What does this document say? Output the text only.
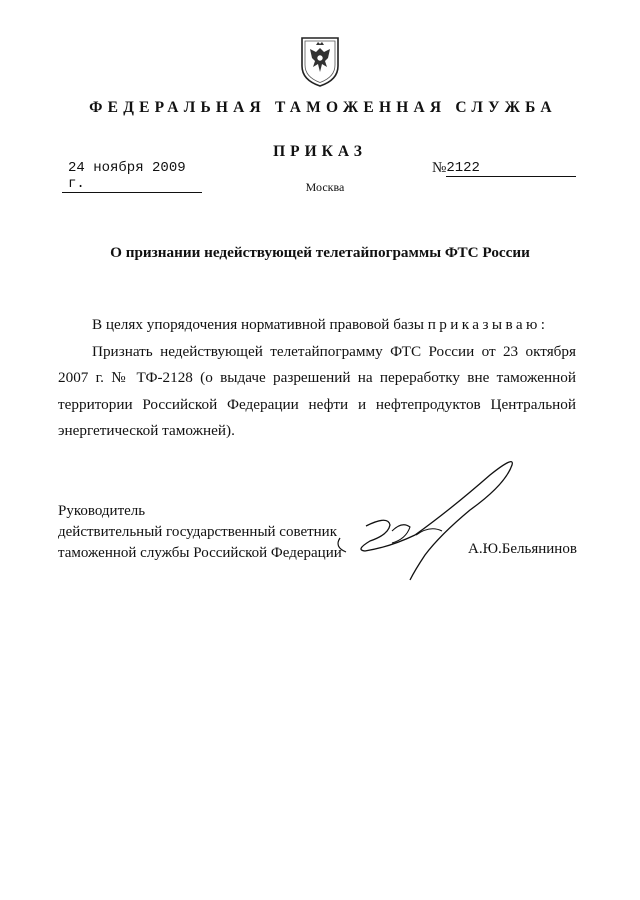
ФЕДЕРАЛЬНАЯ ТАМОЖЕННАЯ СЛУЖБА
ПРИКАЗ
24 ноября 2009 г.
№ 2122
Москва
О признании недействующей телетайпограммы ФТС России

В целях упорядочения нормативной правовой базы приказываю:

Признать недействующей телетайпограмму ФТС России от 23 октября 2007 г. № ТФ-2128 (о выдаче разрешений на переработку вне таможенной территории Российской Федерации нефти и нефтепродуктов Центральной энергетической таможней).

Руководитель
действительный государственный советник
таможенной службы Российской Федерации	А.Ю.Бельянинов
